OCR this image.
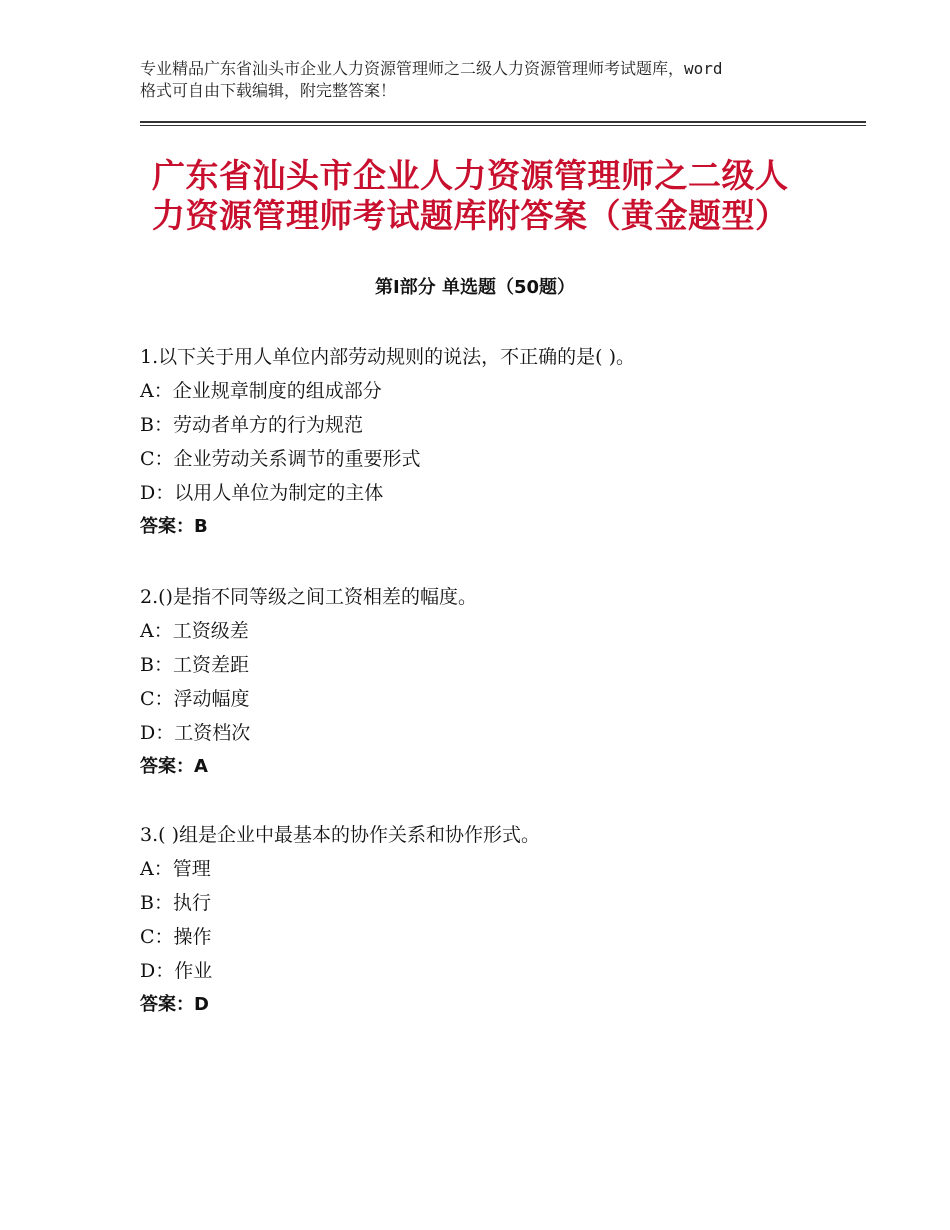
专业精品广东省汕头市企业人力资源管理师之二级人力资源管理师考试题库，word
格式可自由下载编辑，附完整答案！
广东省汕头市企业人力资源管理师之二级人
力资源管理师考试题库附答案（黄金题型）
第Ⅰ部分 单选题（50题）
1.以下关于用人单位内部劳动规则的说法，不正确的是( )。
A：企业规章制度的组成部分
B：劳动者单方的行为规范
C：企业劳动关系调节的重要形式
D：以用人单位为制定的主体
答案：B
2.()是指不同等级之间工资相差的幅度。
A：工资级差
B：工资差距
C：浮动幅度
D：工资档次
答案：A
3.( )组是企业中最基本的协作关系和协作形式。
A：管理
B：执行
C：操作
D：作业
答案：D
